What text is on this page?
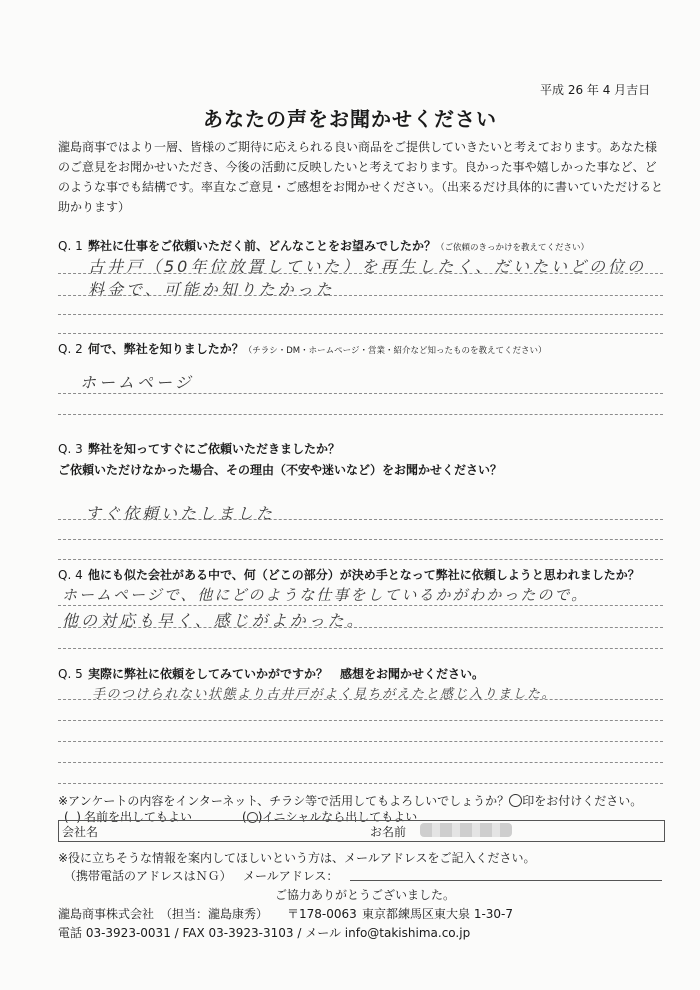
平成 26 年 4 月吉日
あなたの声をお聞かせください
瀧島商事ではより一層、皆様のご期待に応えられる良い商品をご提供していきたいと考えております。あなた様のご意見をお聞かせいただき、今後の活動に反映したいと考えております。良かった事や嬉しかった事など、どのような事でも結構です。率直なご意見・ご感想をお聞かせください。（出来るだけ具体的に書いていただけると助かります）
Q. 1 弊社に仕事をご依頼いただく前、どんなことをお望みでしたか？（ご依頼のきっかけを教えてください）
古井戸（50年位放置していた）を再生したく、だいたいどの位の
料金で、可能か知りたかった
Q. 2 何で、弊社を知りましたか？（チラシ・DM・ホームページ・営業・紹介など知ったものを教えてください）
ホームページ
Q. 3 弊社を知ってすぐにご依頼いただきましたか？
ご依頼いただけなかった場合、その理由（不安や迷いなど）をお聞かせください？
すぐ依頼いたしました
Q. 4 他にも似た会社がある中で、何（どこの部分）が決め手となって弊社に依頼しようと思われましたか？
ホームページで、他にどのような仕事をしているかがわかったので。
他の対応も早く、感じがよかった。
Q. 5 実際に弊社に依頼をしてみていかがですか？　感想をお聞かせください。
手のつけられない状態より古井戸がよく見ちがえたと感じ入りました。
※アンケートの内容をインターネット、チラシ等で活用してもよろしいでしょうか？○印をお付けください。
(  ) 名前を出してもよい	( )イニシャルなら出してもよい
会社名	お名前
※役に立ちそうな情報を案内してほしいという方は、メールアドレスをご記入ください。
（携帯電話のアドレスはＮＧ） メールアドレス：
ご協力ありがとうございました。
瀧島商事株式会社 （担当：瀧島康秀） 〒178-0063 東京都練馬区東大泉 1-30-7
電話 03-3923-0031 / FAX 03-3923-3103 / メール info@takishima.co.jp
